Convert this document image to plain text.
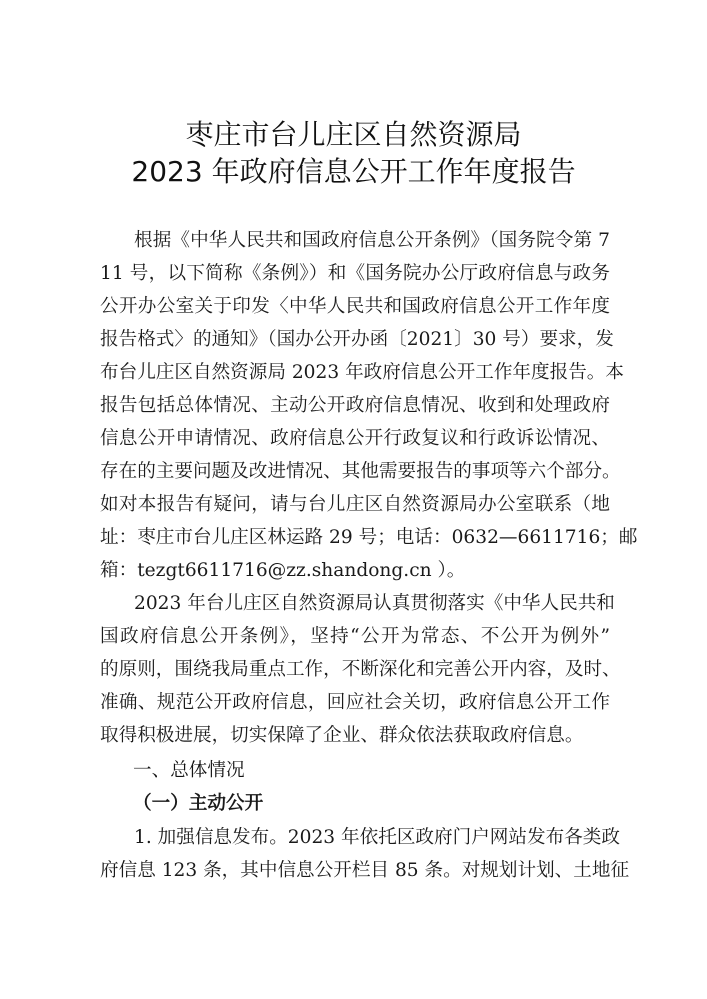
枣庄市台儿庄区自然资源局
2023 年政府信息公开工作年度报告
根据《中华人民共和国政府信息公开条例》（国务院令第 7
11 号，以下简称《条例》）和《国务院办公厅政府信息与政务
公开办公室关于印发〈中华人民共和国政府信息公开工作年度
报告格式〉的通知》（国办公开办函〔2021〕30 号）要求，发
布台儿庄区自然资源局 2023 年政府信息公开工作年度报告。本
报告包括总体情况、主动公开政府信息情况、收到和处理政府
信息公开申请情况、政府信息公开行政复议和行政诉讼情况、
存在的主要问题及改进情况、其他需要报告的事项等六个部分。
如对本报告有疑问，请与台儿庄区自然资源局办公室联系（地
址：枣庄市台儿庄区林运路 29 号；电话：0632—6611716；邮
箱：tezgt6611716@zz.shandong.cn ）。
2023 年台儿庄区自然资源局认真贯彻落实《中华人民共和
国政府信息公开条例》，坚持“公开为常态、不公开为例外”
的原则，围绕我局重点工作，不断深化和完善公开内容，及时、
准确、规范公开政府信息，回应社会关切，政府信息公开工作
取得积极进展，切实保障了企业、群众依法获取政府信息。
一、总体情况
（一）主动公开
1. 加强信息发布。2023 年依托区政府门户网站发布各类政
府信息 123 条，其中信息公开栏目 85 条。对规划计划、土地征
